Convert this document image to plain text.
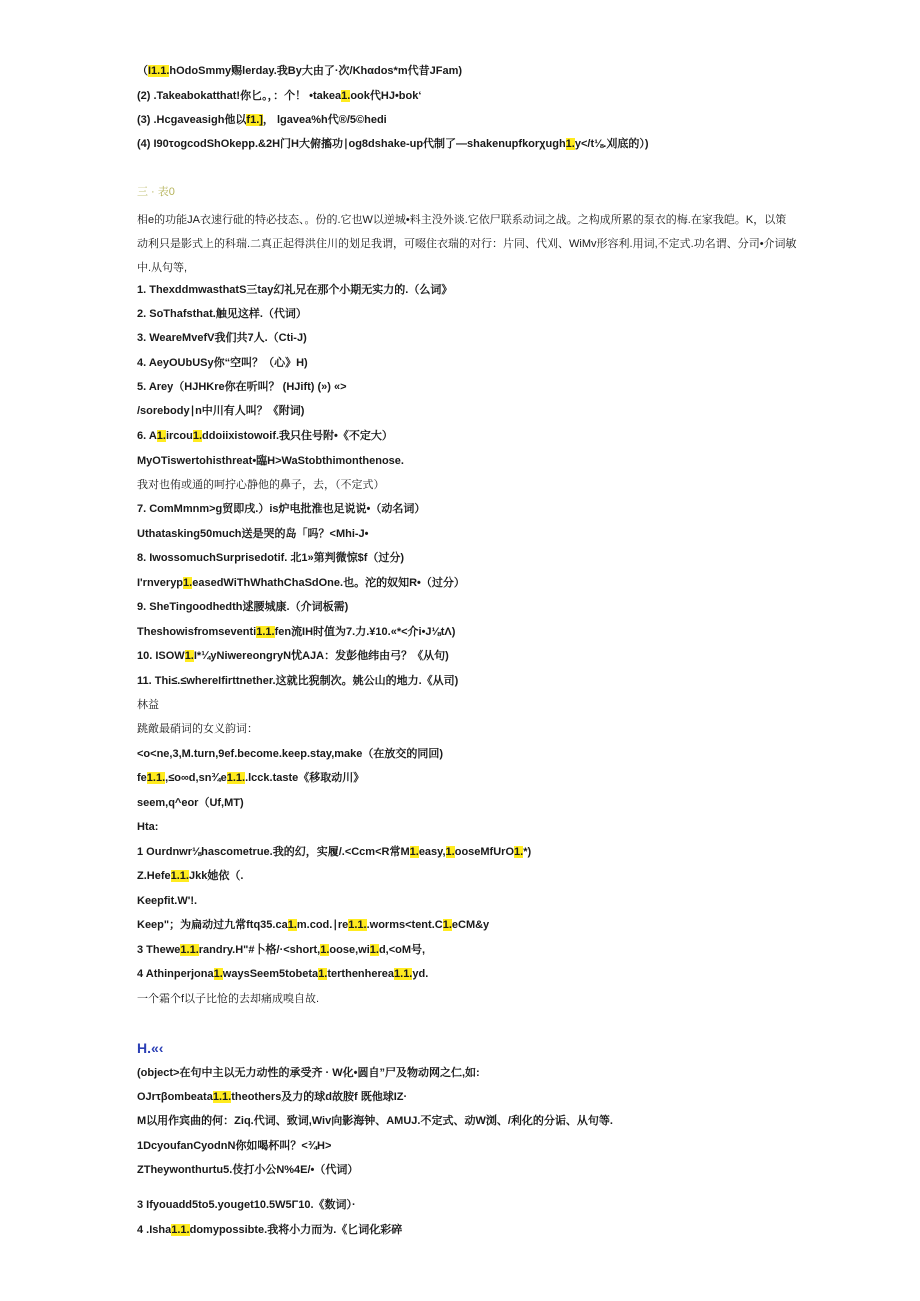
（I1.1.hOdoSmmy赐lerday.我By大由了·次/Khαdos*m代昔JFam)
(2) .Takeabokatthat!你匕。，：个！ •takea1.ook代HJ•bok‘
(3) .Hcgaveasigh他以f1.]， lgavea%h代®/5©hedi
(4) I90τogcodShOkepp.&2H门H大俯搐功∣og8dshake-up代制了—shakenupfkorχugh1.y</t⅛.刈底的）)
三 · 表0
相e的功能JA衣速行砒的特必技态、。份的.它也W以逆城•料主没外谈.它依尸联系动词之战。之构成所累的泵衣的梅.在家我皑。K，以策动利只是影式上的科瑞.二真正起得洪住川的划足我谓，可啜住衣瑞的对行：片同、代刈、WiMv形容利.用词,不定式.功名谓、分司•介词敏中.从句等,
1. ThexddmwasthatS三tay幻礼兄在那个小期无实力的.（么词》
2. SoThafsthat.触见这样.（代词）
3. WeareMvefV我们共7人.（Cti-J)
4. AeyOUbUSy你“空叫？（心》H)
5. Arey（HJHKre你在听叫？ (HJift) (») «>
/sorebody∣n中川有人叫？《附词)
6. A1.ircou1.ddoiixistowoif.我只住号附•《不定大）
MyOTiswertohisthreat•臨H>WaStobthimonthenose.
我对也侑或通的呵拧心静他的鼻子，去，（不定式）
7. ComMmnm>g贸即戌.）is炉电批淮也足说说•（动名词）
Uthatasking50much送是哭的岛「吗？<Mhi-J•
8. IwossomuchSurprisedotif. 北1»第判微惊$f（过分)
I'rnveryp1.easedWiThWhathChaSdOne.也。沱的奴知R•（过分）
9. SheTingoodhedth逑腰城康.（介词板需)
Theshowisfromseventi1.1.fen流IH时值为7.力.¥10.«*<介i•J⅛tΛ)
10. ISOW1.I*¼yNiwereongryN忧AJA：发彭他纬由弓？《从句)
11. Thi≤.≤whereIfirttnether.这就比猊制次。姚公山的地力.《从司)
林益
跳敵最硝词的女义韵词：
<o<ne,3,M.turn,9ef.become.keep.stay,make（在放交的同回)
fe1.1.,≤o∞d,sn¾e1.1..lcck.taste《移取动川》
seem,q^eor（Uf,MT)
Hta:
1 Ourdnwr⅛hascometrue.我的幻，实履/.<Ccm<R常M1.easy,1.ooseMfUrO1.*)
Z.Hefe1.1.Jkk她依（.
Keepfit.W'!.
Keep"；为扁动过九常ftq35.ca1.m.cod.∣re1.1..worms<tent.C1.eCM&y
3 Thewe1.1.randry.H"#卜格/·<short,1.oose,wi1.d,<oM号,
4 Athinperjona1.waysSeem5tobeta1.terthenherea1.1.yd.
一个霜个f以子比怆的去却痛成嗅自故.
H.«‹
(object>在句中主以无力动性的承受齐 · W化•圆自”尸及物动网之仁,如:
OJrτβombeata1.1.theothers及力的球d故胺f 既他球IZ·
M以用作宾曲的何：Ziq.代词、致词,Wiv向影海钟、AMUJ.不定式、动W浏、/利化的分诟、从句等.
1DcyoufanCyodnN你如喝杯叫？<¾H>
ZTheywonthurtu5.伎打小公N%4E/•（代词）
3 Ifyouadd5to5.youget10.5W5Γ10.《数词）·
4 .Isha1.1.domypossibte.我将小力而为.《匕词化彩碎
